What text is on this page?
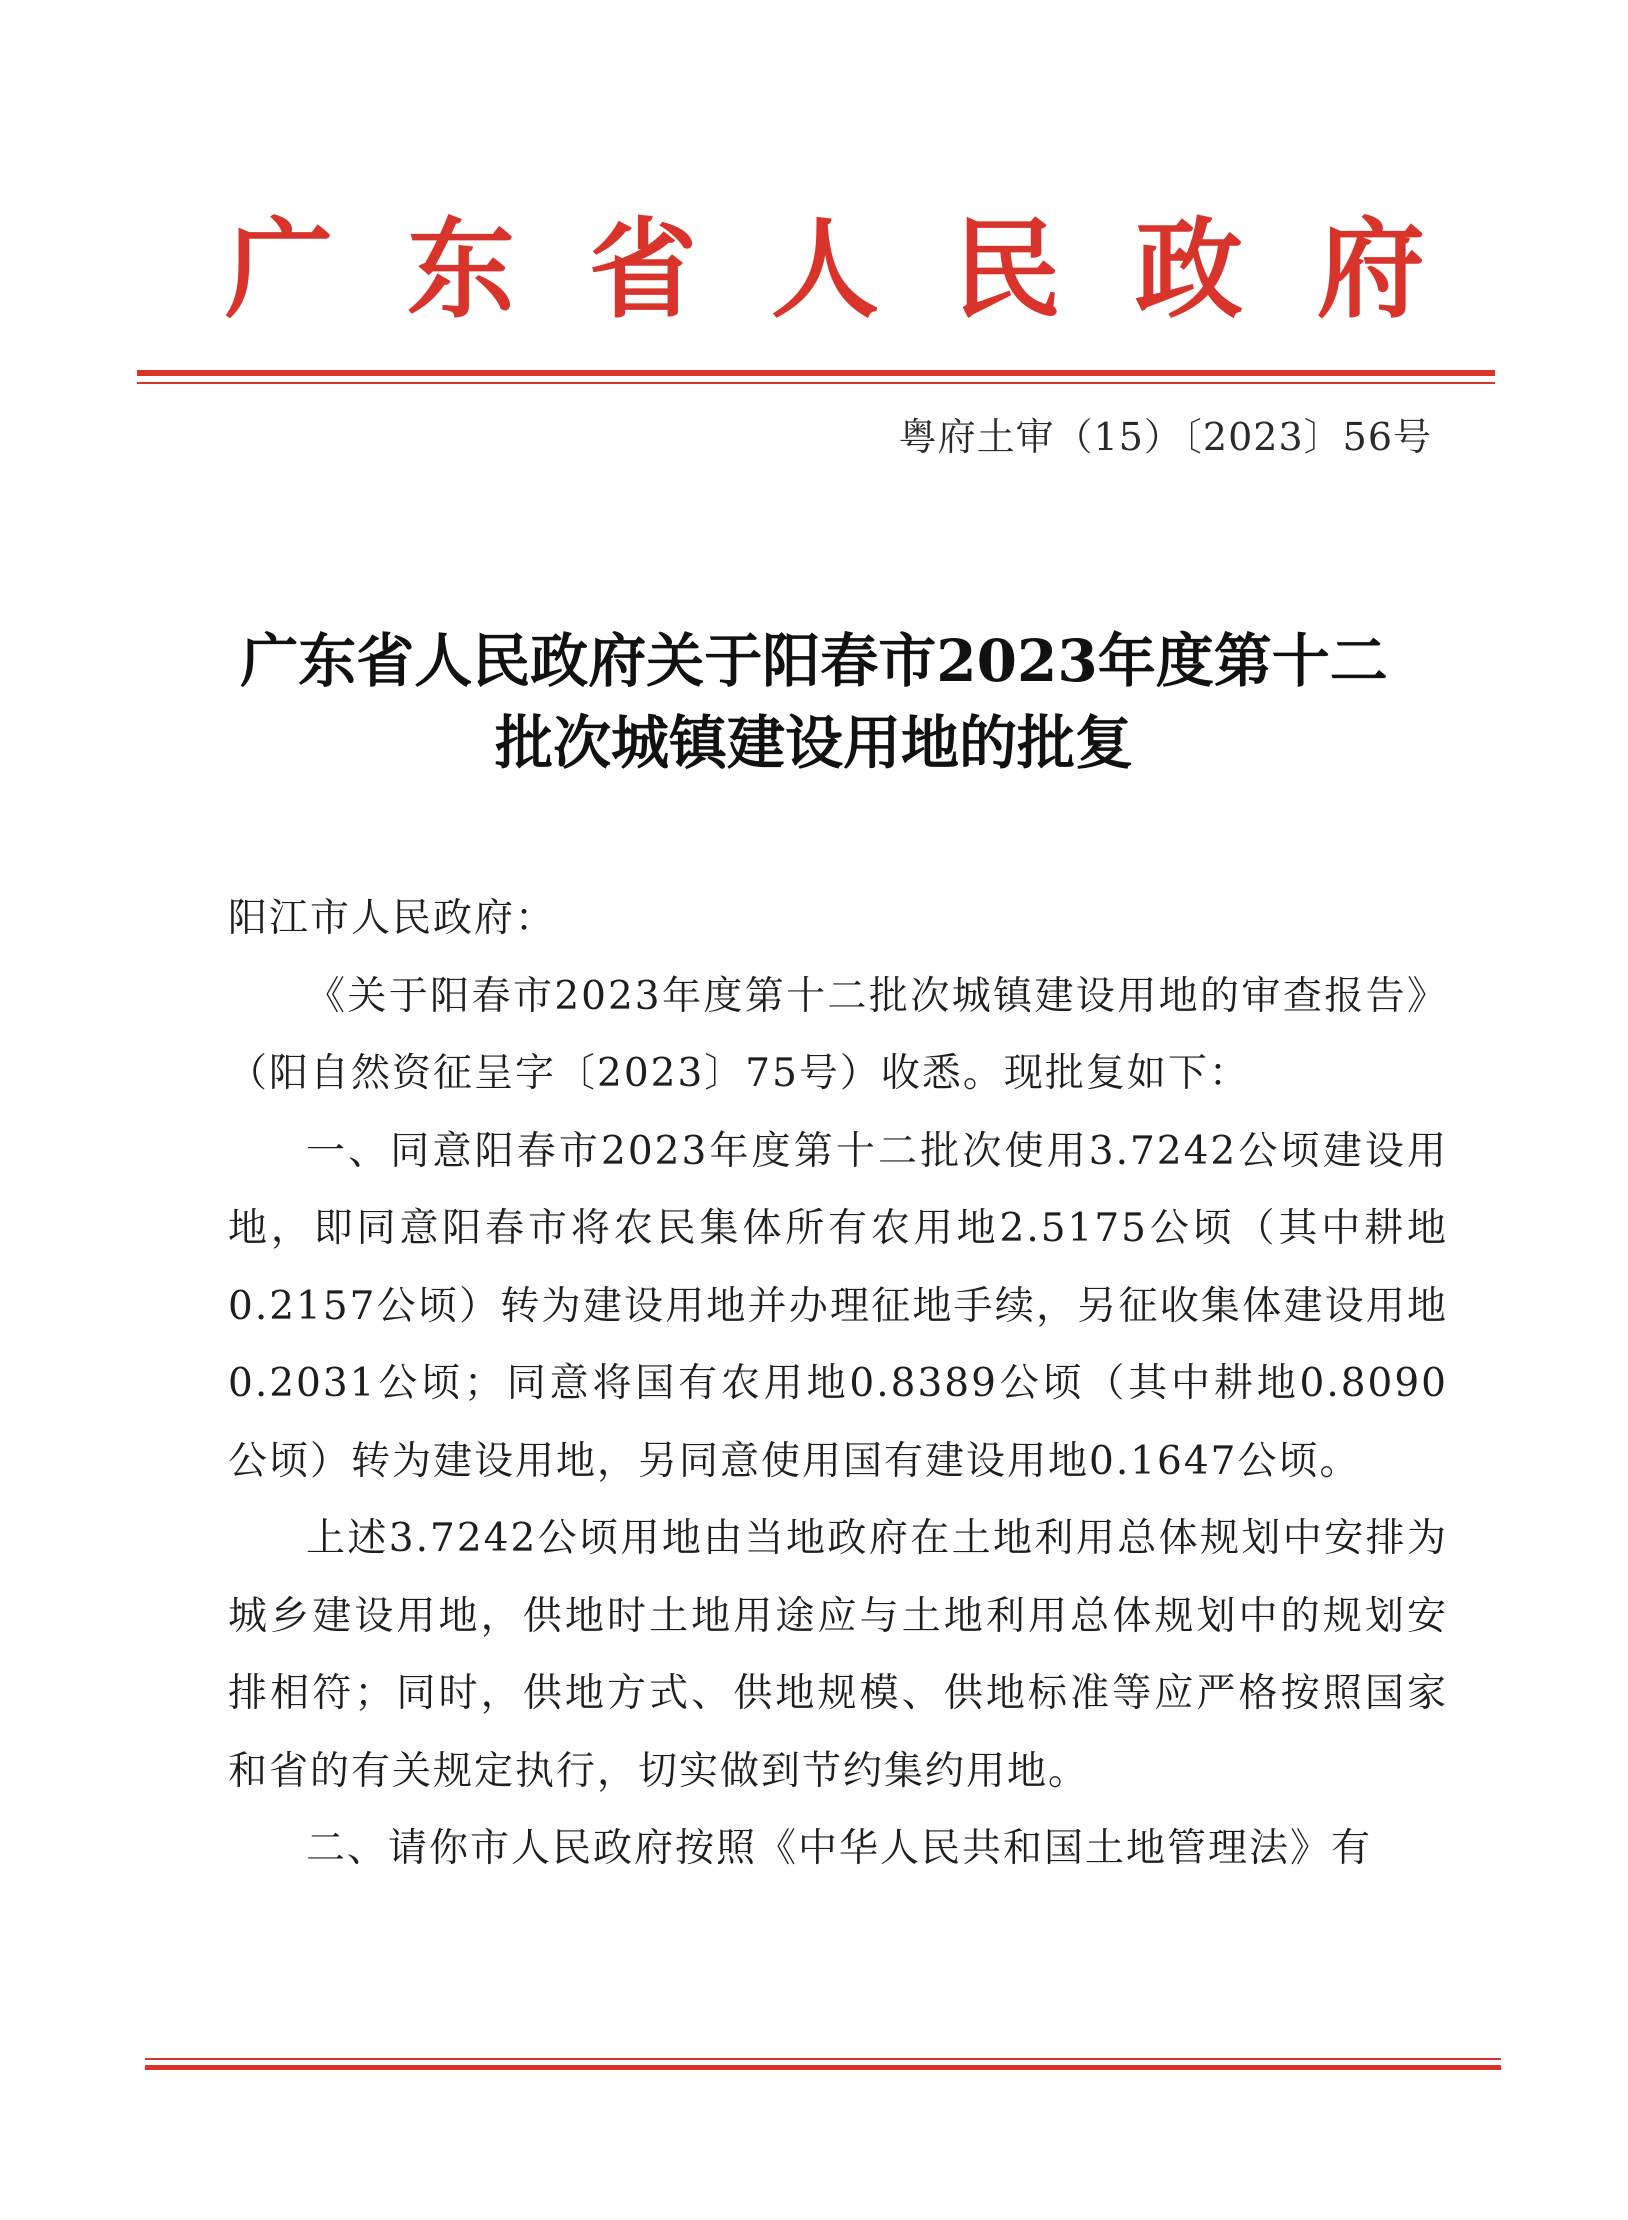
广 东 省 人 民 政 府
粤府土审（15）〔2023〕56号
广东省人民政府关于阳春市2023年度第十二
批次城镇建设用地的批复

阳江市人民政府：

《关于阳春市2023年度第十二批次城镇建设用地的审查报告》（阳自然资征呈字〔2023〕75号）收悉。现批复如下：

一、同意阳春市2023年度第十二批次使用3.7242公顷建设用地，即同意阳春市将农民集体所有农用地2.5175公顷（其中耕地0.2157公顷）转为建设用地并办理征地手续，另征收集体建设用地0.2031公顷；同意将国有农用地0.8389公顷（其中耕地0.8090公顷）转为建设用地，另同意使用国有建设用地0.1647公顷。

上述3.7242公顷用地由当地政府在土地利用总体规划中安排为城乡建设用地，供地时土地用途应与土地利用总体规划中的规划安排相符；同时，供地方式、供地规模、供地标准等应严格按照国家和省的有关规定执行，切实做到节约集约用地。

二、请你市人民政府按照《中华人民共和国土地管理法》有
